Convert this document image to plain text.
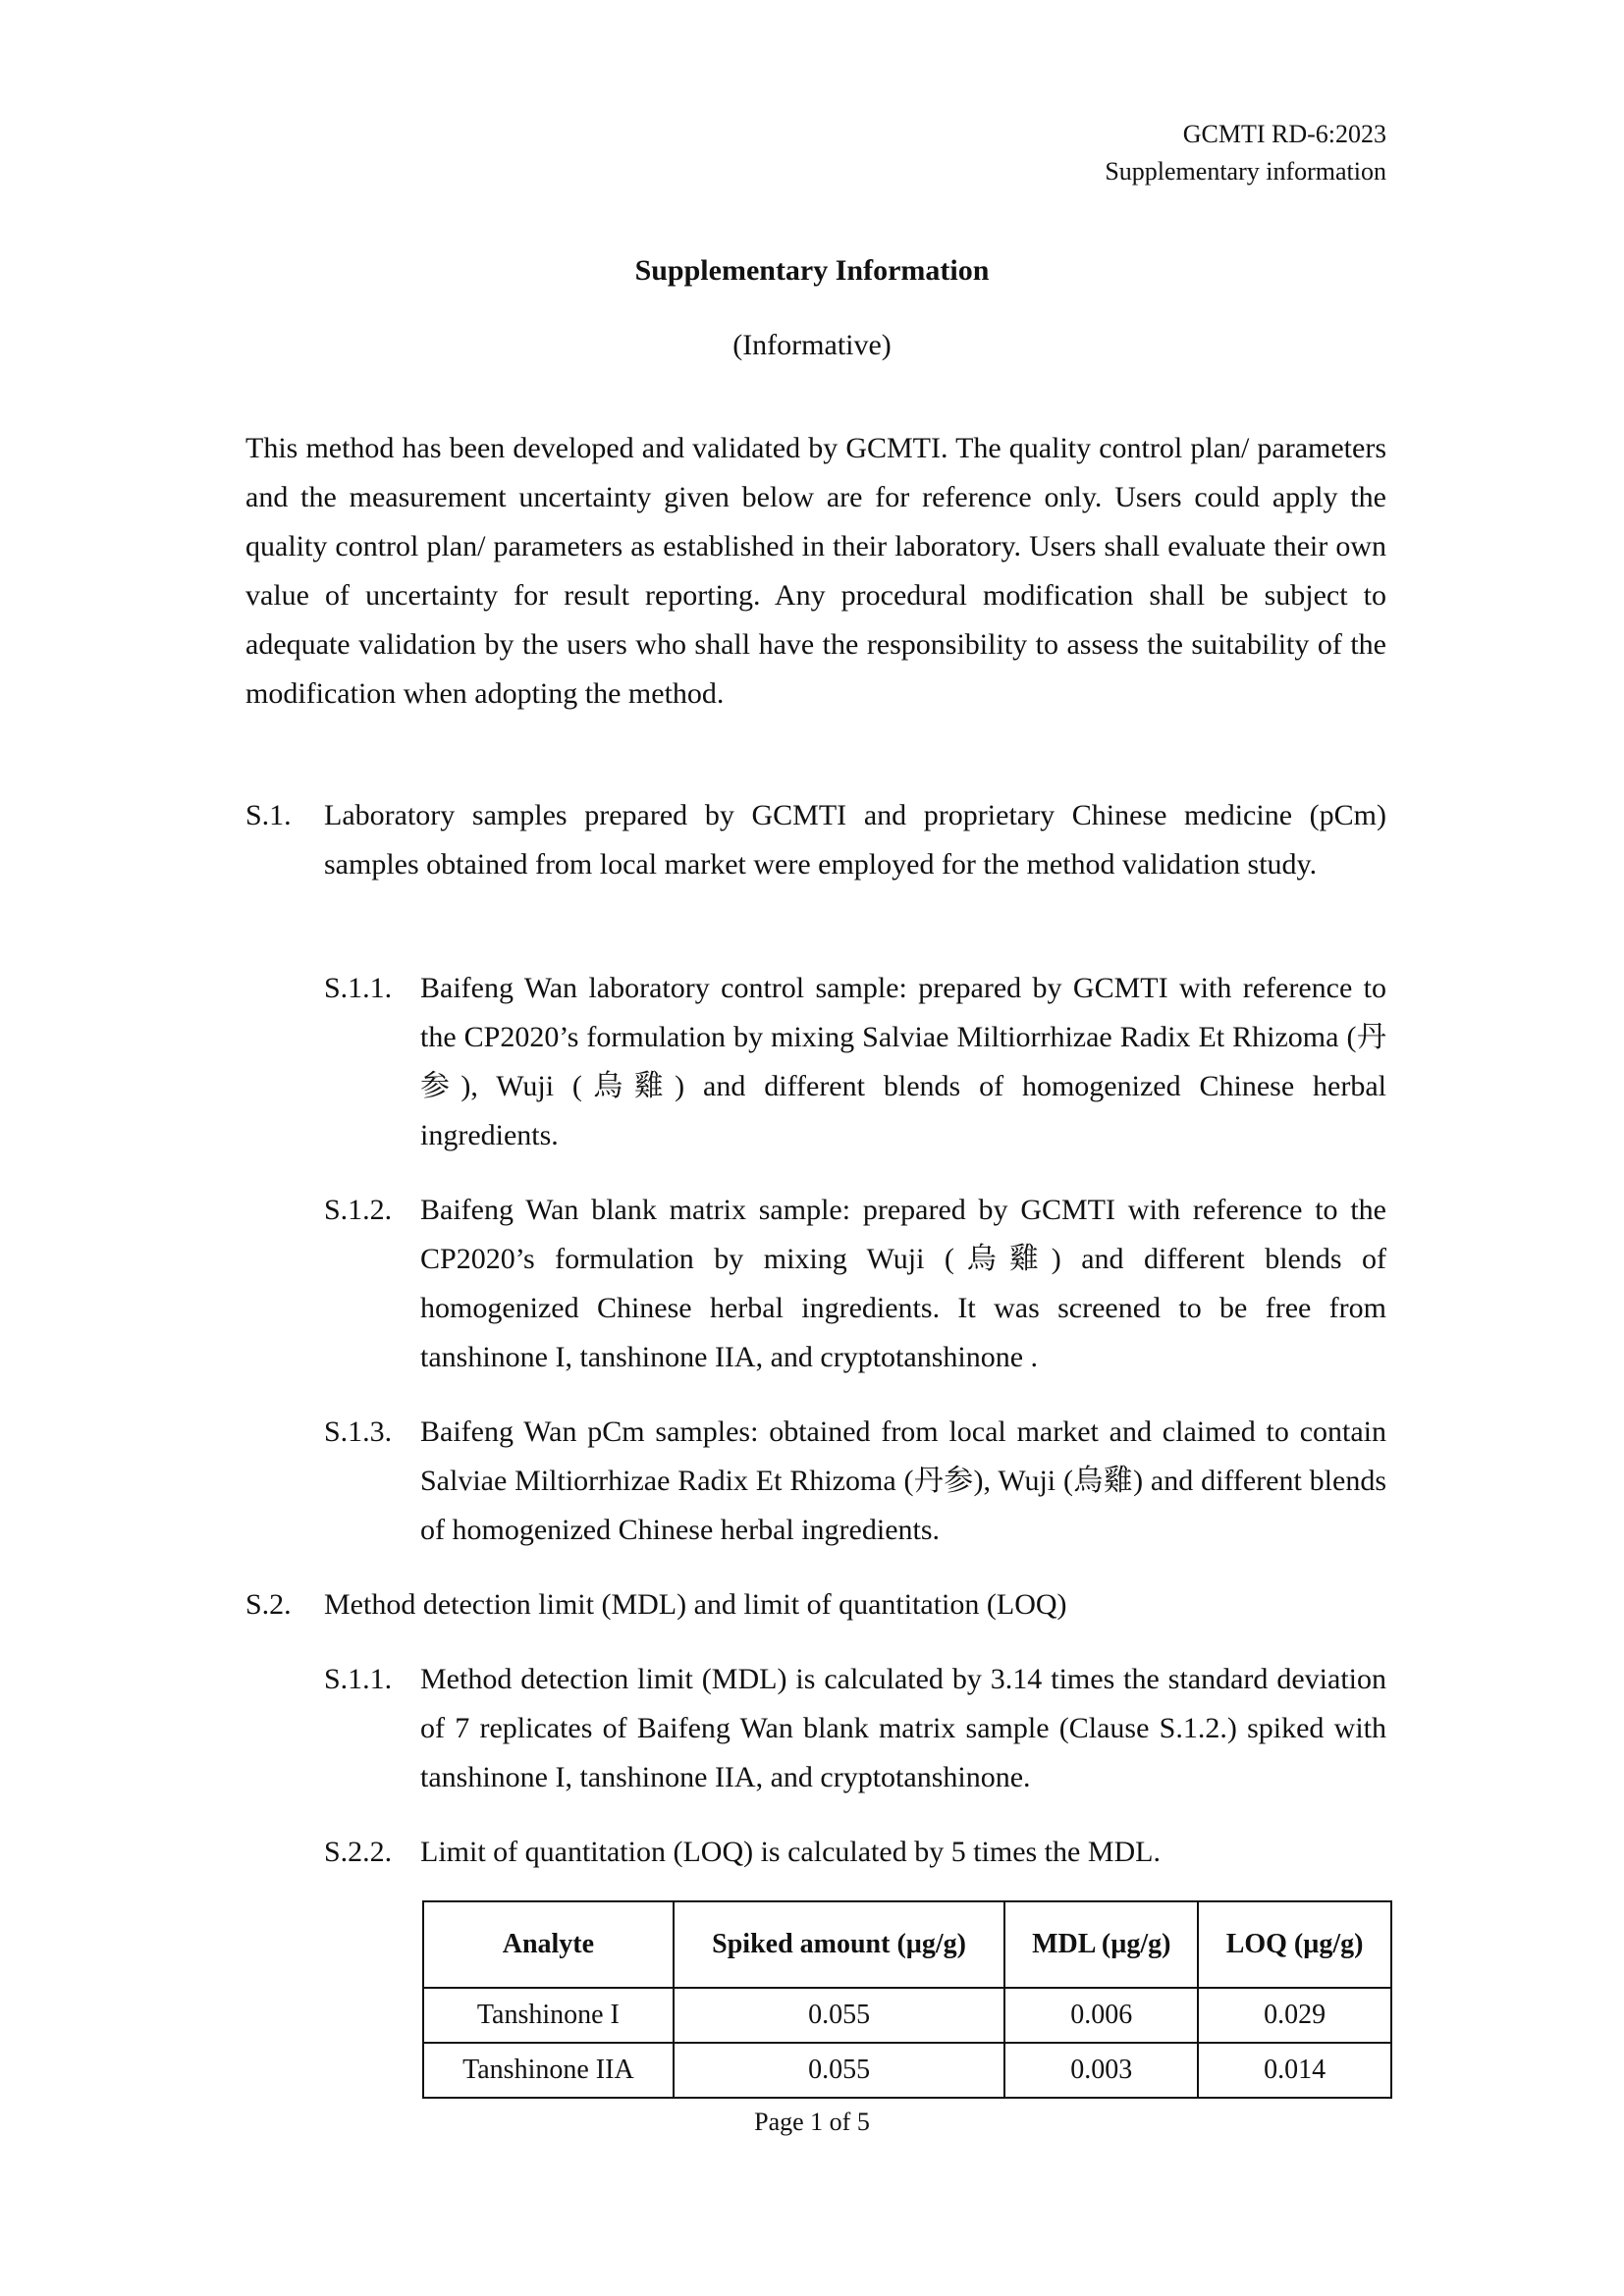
GCMTI RD-6:2023
Supplementary information
Supplementary Information
(Informative)

This method has been developed and validated by GCMTI. The quality control plan/ parameters and the measurement uncertainty given below are for reference only. Users could apply the quality control plan/ parameters as established in their laboratory. Users shall evaluate their own value of uncertainty for result reporting. Any procedural modification shall be subject to adequate validation by the users who shall have the responsibility to assess the suitability of the modification when adopting the method.

S.1.	Laboratory samples prepared by GCMTI and proprietary Chinese medicine (pCm) samples obtained from local market were employed for the method validation study.
S.1.1. Baifeng Wan laboratory control sample: prepared by GCMTI with reference to the CP2020’s formulation by mixing Salviae Miltiorrhizae Radix Et Rhizoma (丹参), Wuji (烏雞) and different blends of homogenized Chinese herbal ingredients.
S.1.2. Baifeng Wan blank matrix sample: prepared by GCMTI with reference to the CP2020’s formulation by mixing Wuji (烏雞) and different blends of homogenized Chinese herbal ingredients. It was screened to be free from tanshinone I, tanshinone IIA, and cryptotanshinone .
S.1.3. Baifeng Wan pCm samples: obtained from local market and claimed to contain Salviae Miltiorrhizae Radix Et Rhizoma (丹参), Wuji (烏雞) and different blends of homogenized Chinese herbal ingredients.
S.2.	Method detection limit (MDL) and limit of quantitation (LOQ)
S.1.1. Method detection limit (MDL) is calculated by 3.14 times the standard deviation of 7 replicates of Baifeng Wan blank matrix sample (Clause S.1.2.) spiked with tanshinone I, tanshinone IIA, and cryptotanshinone.
S.2.2. Limit of quantitation (LOQ) is calculated by 5 times the MDL.
Analyte	Spiked amount (µg/g)	MDL (µg/g)	LOQ (µg/g)
Tanshinone I	0.055	0.006	0.029
Tanshinone IIA	0.055	0.003	0.014
Page 1 of 5
